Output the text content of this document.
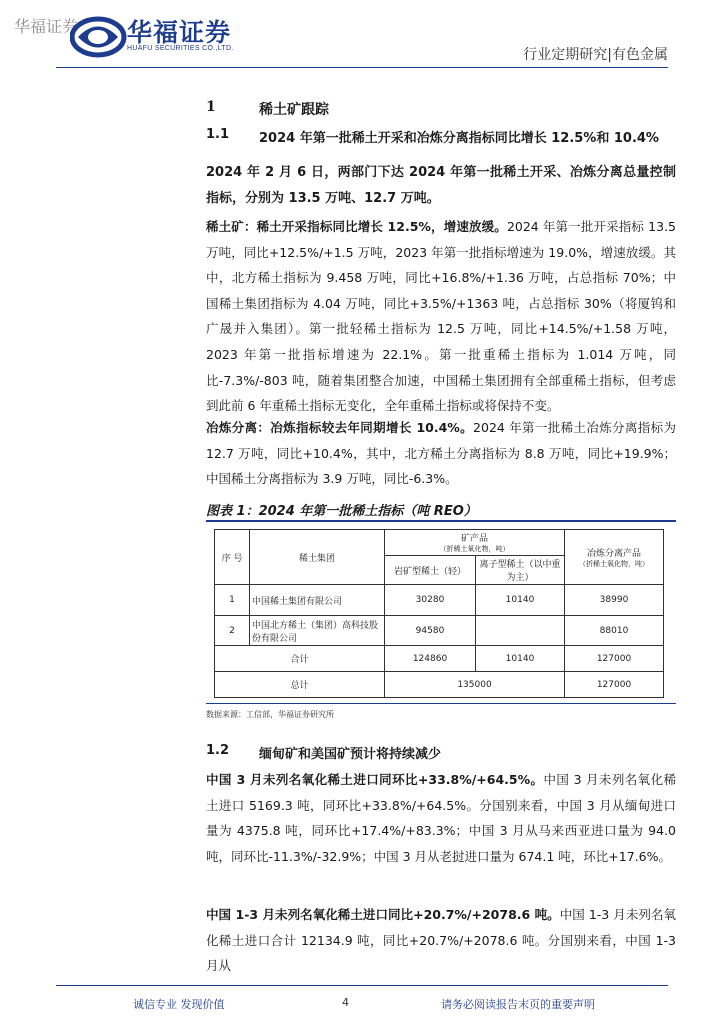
华福证券 华福证券
HUAFU SECURITIES CO.,LTD.	行业定期研究|有色金属
1	稀土矿跟踪
1.1 2024 年第一批稀土开采和冶炼分离指标同比增长 12.5%和 10.4%
2024 年 2 月 6 日，两部门下达 2024 年第一批稀土开采、冶炼分离总量控制指标，分别为 13.5 万吨、12.7 万吨。
稀土矿：稀土开采指标同比增长 12.5%，增速放缓。2024 年第一批开采指标 13.5 万吨，同比+12.5%/+1.5 万吨，2023 年第一批指标增速为 19.0%，增速放缓。其中，北方稀土指标为 9.458 万吨，同比+16.8%/+1.36 万吨，占总指标 70%；中国稀土集团指标为 4.04 万吨，同比+3.5%/+1363 吨，占总指标 30%（将厦钨和广晟并入集团）。第一批轻稀土指标为 12.5 万吨，同比+14.5%/+1.58 万吨，2023 年第一批指标增速为 22.1%。第一批重稀土指标为 1.014 万吨，同比-7.3%/-803 吨，随着集团整合加速，中国稀土集团拥有全部重稀土指标，但考虑到此前 6 年重稀土指标无变化，全年重稀土指标或将保持不变。
冶炼分离：冶炼指标较去年同期增长 10.4%。2024 年第一批稀土冶炼分离指标为 12.7 万吨，同比+10.4%，其中，北方稀土分离指标为 8.8 万吨，同比+19.9%；中国稀土分离指标为 3.9 万吨，同比-6.3%。
图表 1：2024 年第一批稀土指标（吨 REO）
序 号	稀土集团	矿产品
（折稀土氧化物，吨）		冶炼分离产品
（折稀土氧化物，吨）
		岩矿型稀土（轻）	离子型稀土（以中重为主）	
1	中国稀土集团有限公司	30280	10140	38990
2	中国北方稀土（集团）高科技股份有限公司	94580		88010
合计		124860	10140	127000
总计		135000		127000
数据来源：工信部，华福证券研究所
1.2 缅甸矿和美国矿预计将持续减少
中国 3 月未列名氧化稀土进口同环比+33.8%/+64.5%。中国 3 月未列名氧化稀土进口 5169.3 吨，同环比+33.8%/+64.5%。分国别来看，中国 3 月从缅甸进口量为 4375.8 吨，同环比+17.4%/+83.3%；中国 3 月从马来西亚进口量为 94.0 吨，同环比-11.3%/-32.9%；中国 3 月从老挝进口量为 674.1 吨，环比+17.6%。
中国 1-3 月未列名氧化稀土进口同比+20.7%/+2078.6 吨。中国 1-3 月未列名氧化稀土进口合计 12134.9 吨，同比+20.7%/+2078.6 吨。分国别来看，中国 1-3 月从
诚信专业 发现价值	4	请务必阅读报告末页的重要声明
